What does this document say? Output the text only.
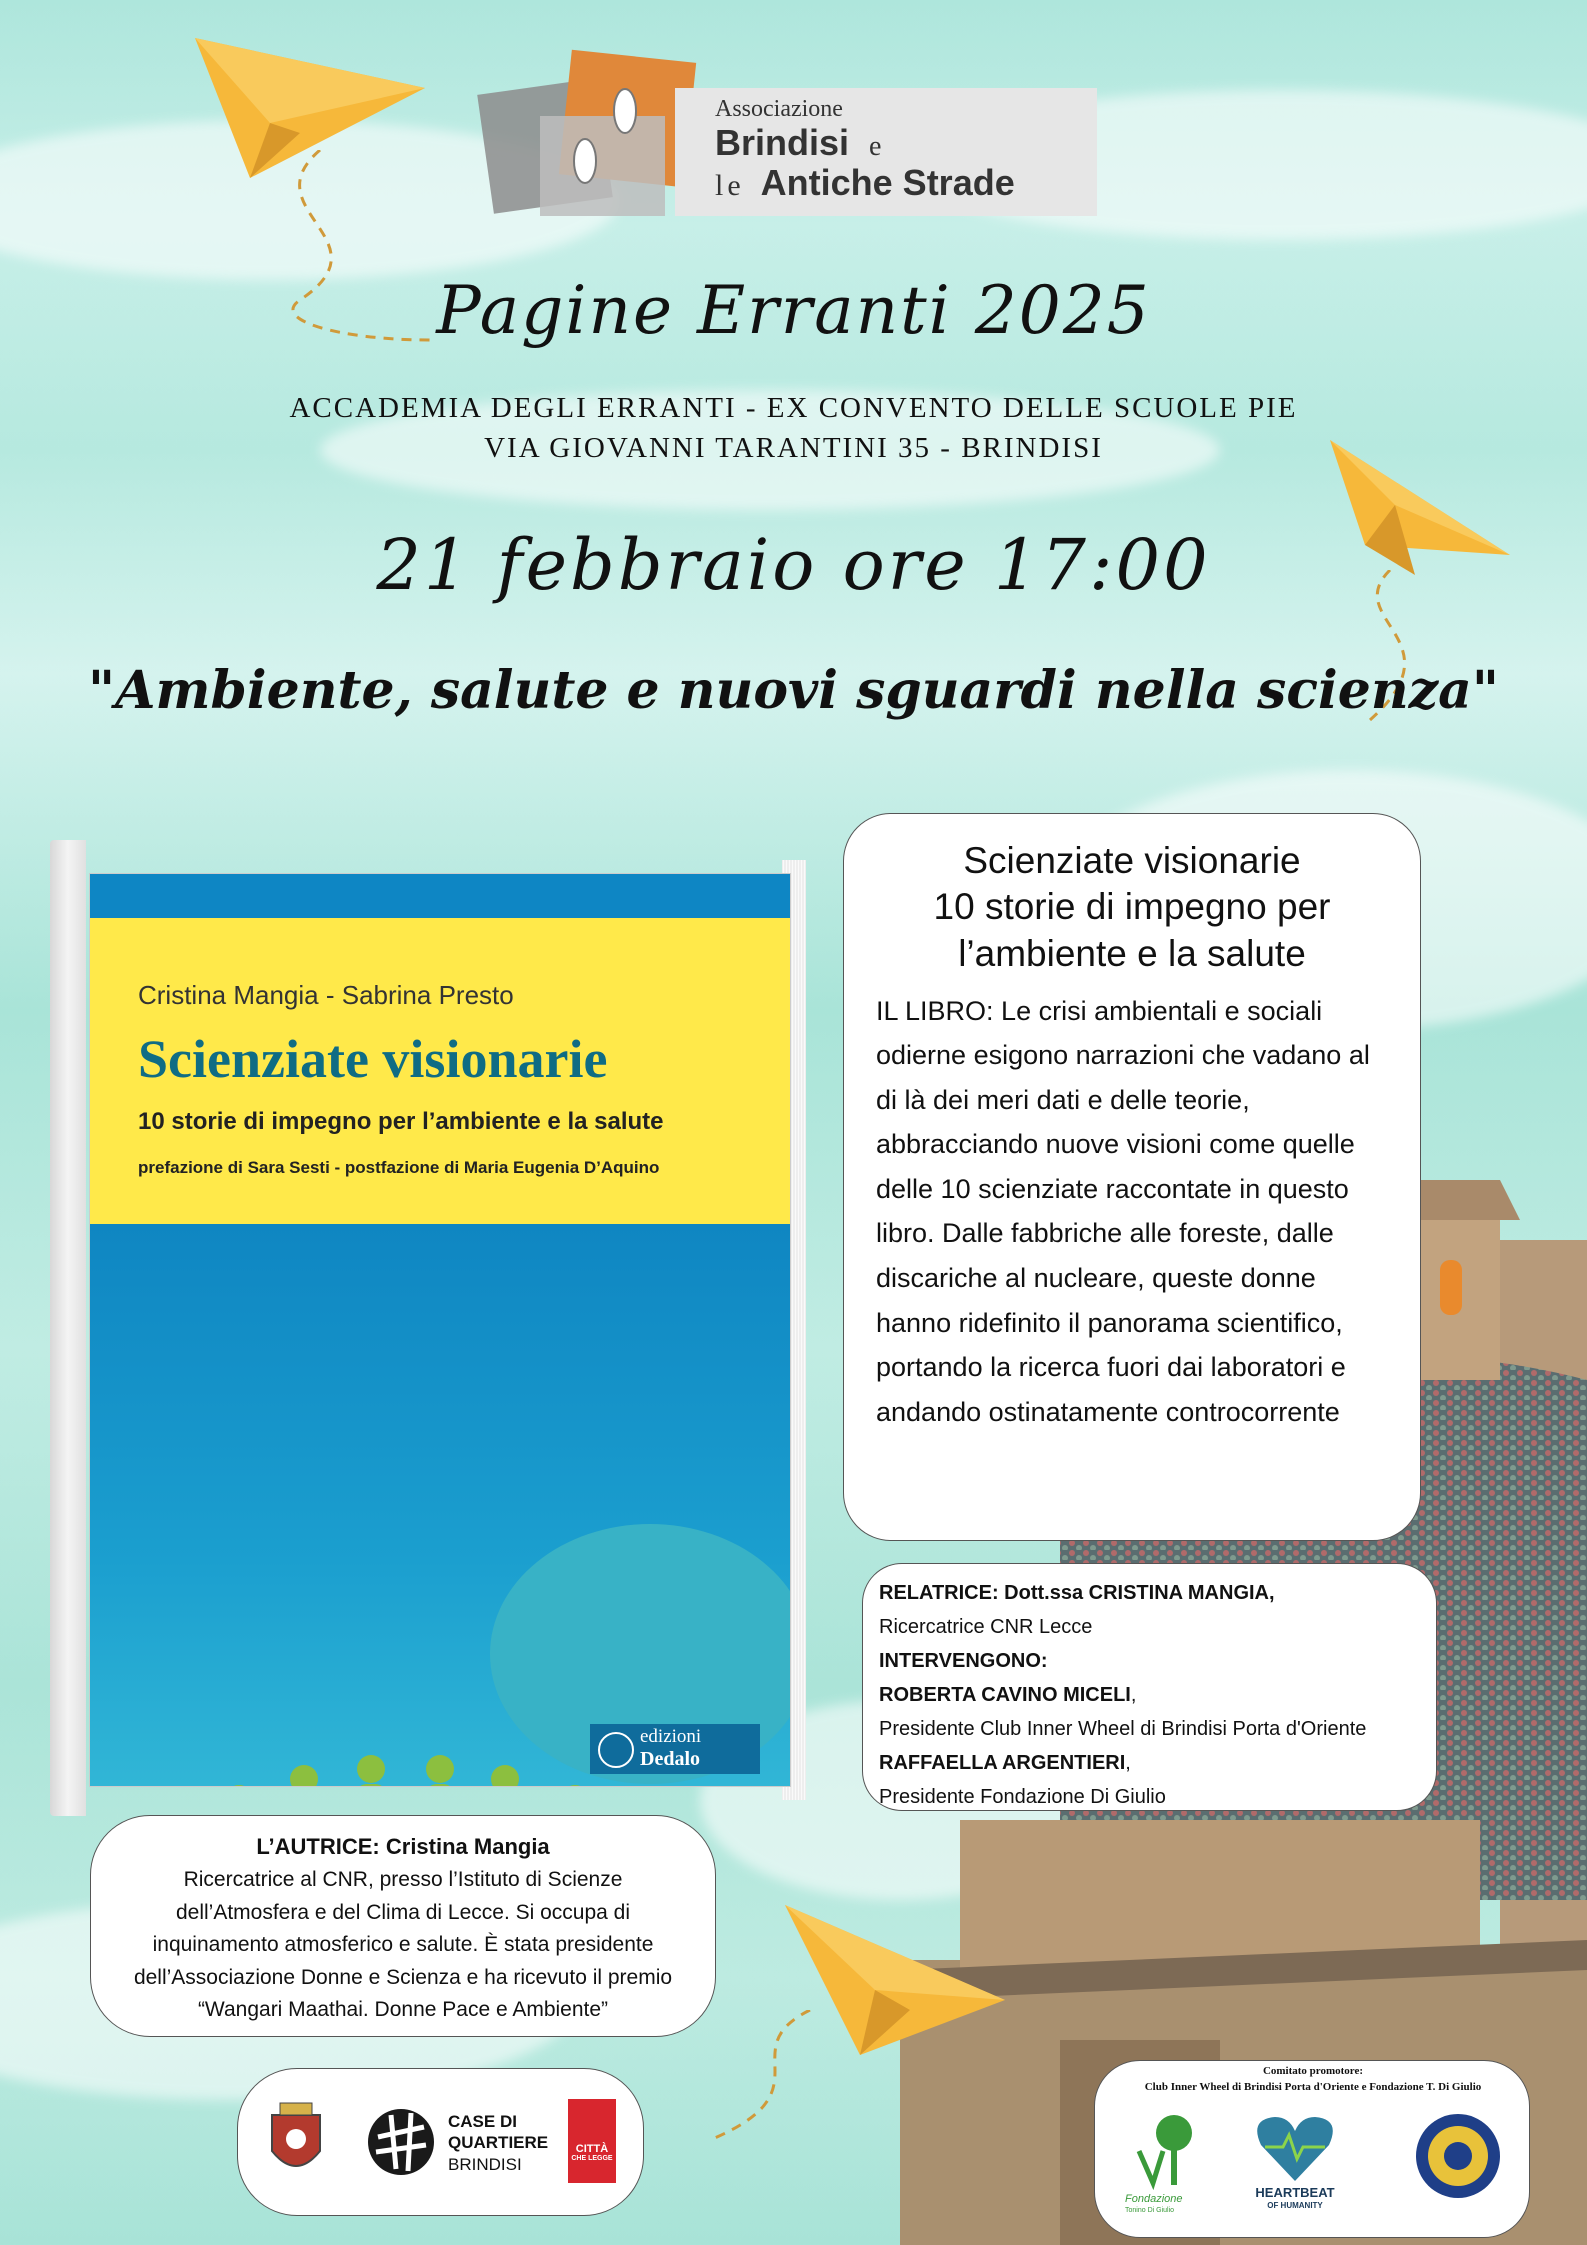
Associazione
Brindisi e
le Antiche Strade
Pagine Erranti 2025
ACCADEMIA DEGLI ERRANTI - EX CONVENTO DELLE SCUOLE PIE
VIA GIOVANNI TARANTINI 35 - BRINDISI
21 febbraio ore 17:00
"Ambiente, salute e nuovi sguardi nella scienza"
Cristina Mangia - Sabrina Presto
Scienziate visionarie
10 storie di impegno per l’ambiente e la salute
prefazione di Sara Sesti - postfazione di Maria Eugenia D’Aquino
edizioni
Dedalo
Scienziate visionarie
10 storie di impegno per
l’ambiente e la salute
IL LIBRO: Le crisi ambientali e sociali odierne esigono narrazioni che vadano al di là dei meri dati e delle teorie, abbracciando nuove visioni come quelle delle 10 scienziate raccontate in questo libro. Dalle fabbriche alle foreste, dalle discariche al nucleare, queste donne hanno ridefinito il panorama scientifico, portando la ricerca fuori dai laboratori e andando ostinatamente controcorrente
RELATRICE: Dott.ssa CRISTINA MANGIA,
Ricercatrice CNR Lecce
INTERVENGONO:
ROBERTA CAVINO MICELI,
Presidente Club Inner Wheel di Brindisi Porta d'Oriente
RAFFAELLA ARGENTIERI,
Presidente Fondazione Di Giulio
L’AUTRICE: Cristina Mangia
Ricercatrice al CNR, presso l’Istituto di Scienze dell’Atmosfera e del Clima di Lecce. Si occupa di inquinamento atmosferico e salute. È stata presidente dell’Associazione Donne e Scienza e ha ricevuto il premio “Wangari Maathai. Donne Pace e Ambiente”
CASE DI
QUARTIERE
BRINDISI
CITTÀ
CHE LEGGE
Comitato promotore:
Club Inner Wheel di Brindisi Porta d'Oriente e Fondazione T. Di Giulio
Fondazione
Tonino Di Giulio
HEARTBEAT
OF HUMANITY
